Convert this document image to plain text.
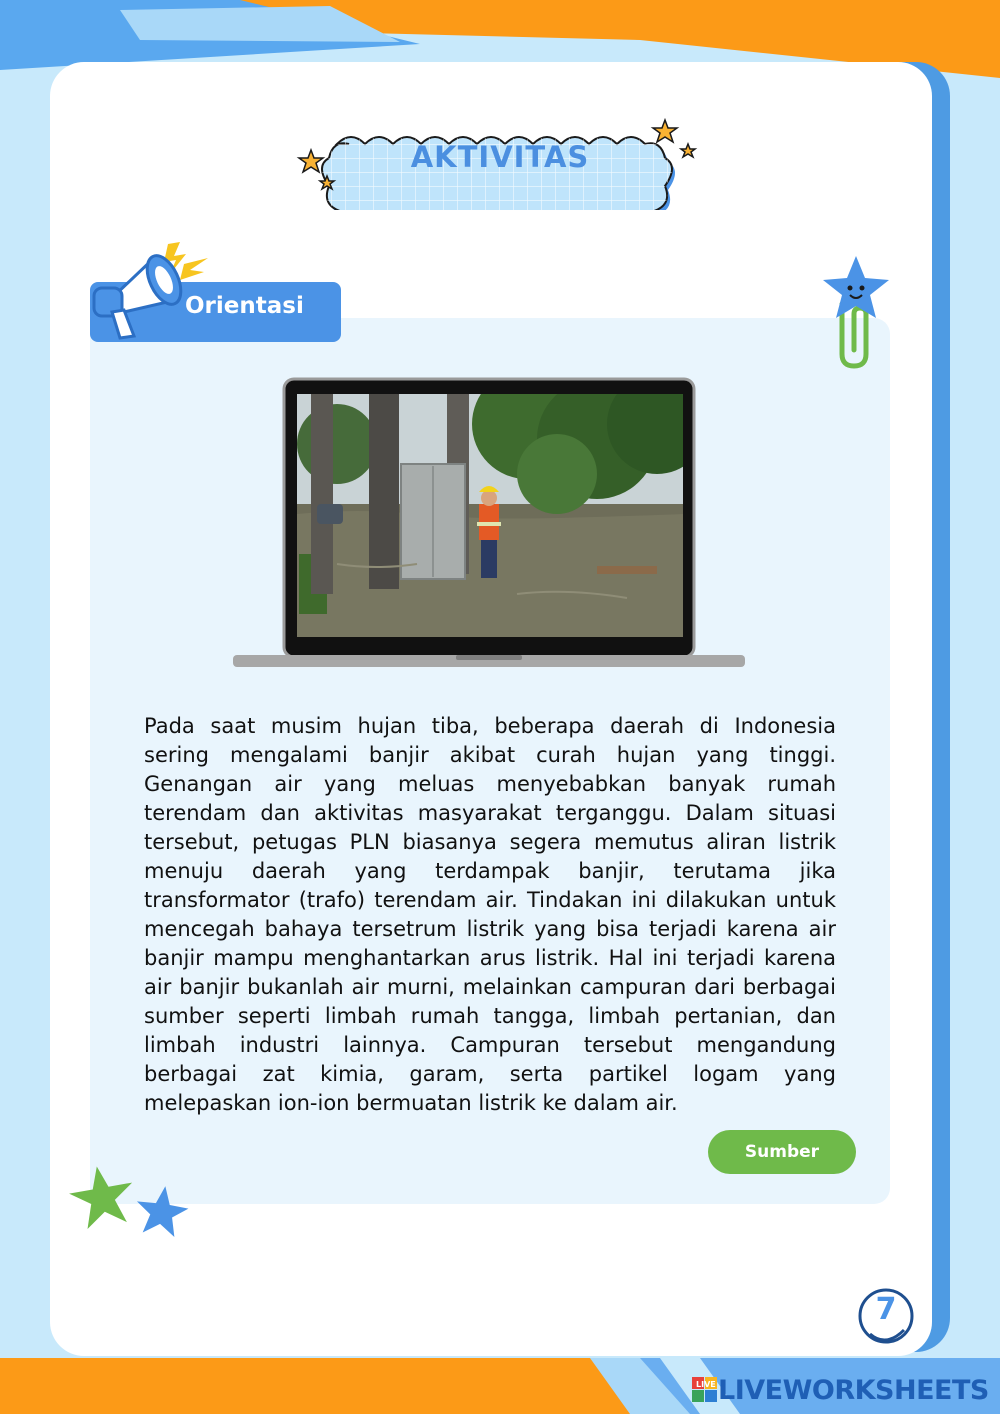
AKTIVITAS
Orientasi

Pada saat musim hujan tiba, beberapa daerah di Indonesia sering mengalami banjir akibat curah hujan yang tinggi. Genangan air yang meluas menyebabkan banyak rumah terendam dan aktivitas masyarakat terganggu. Dalam situasi tersebut, petugas PLN biasanya segera memutus aliran listrik menuju daerah yang terdampak banjir, terutama jika transformator (trafo) terendam air. Tindakan ini dilakukan untuk mencegah bahaya tersetrum listrik yang bisa terjadi karena air banjir mampu menghantarkan arus listrik. Hal ini terjadi karena air banjir bukanlah air murni, melainkan campuran dari berbagai sumber seperti limbah rumah tangga, limbah pertanian, dan limbah industri lainnya. Campuran tersebut mengandung berbagai zat kimia, garam, serta partikel logam yang melepaskan ion-ion bermuatan listrik ke dalam air.

Sumber
7
LIVE LIVEWORKSHEETS
